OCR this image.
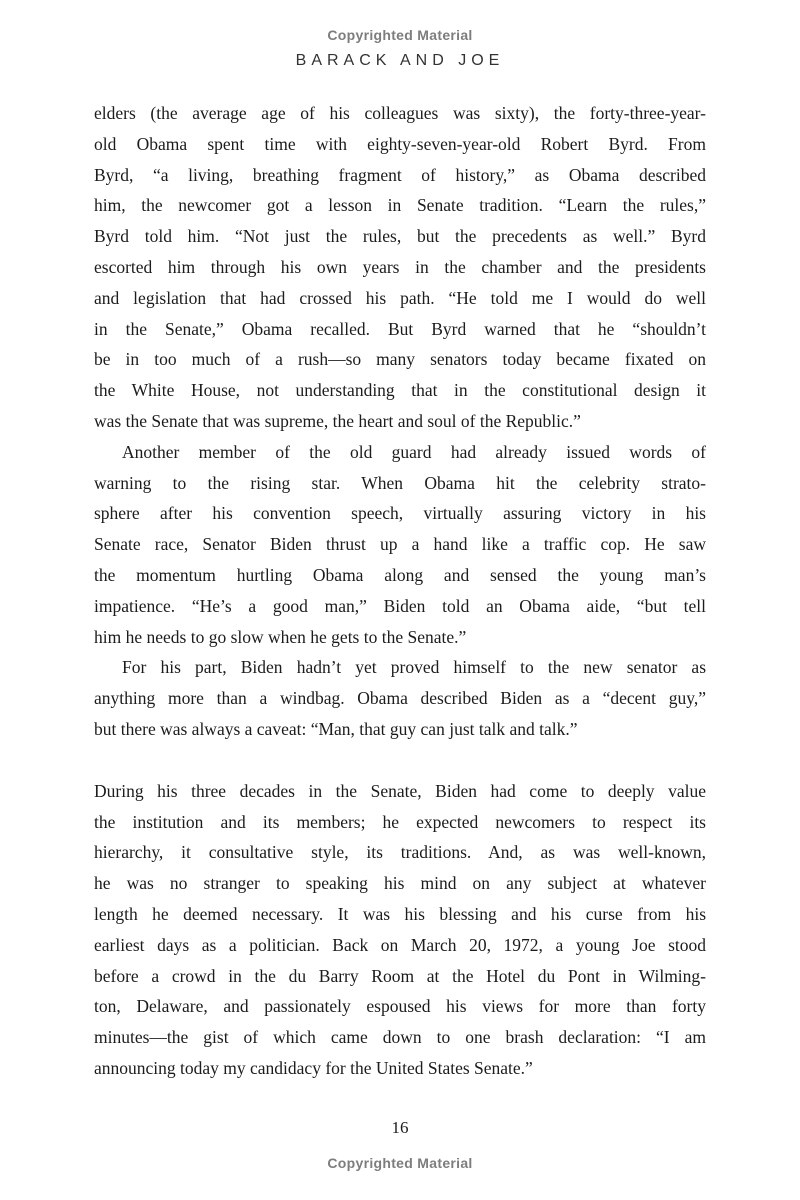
Copyrighted Material
BARACK AND JOE
elders (the average age of his colleagues was sixty), the forty-three-year-
old Obama spent time with eighty-seven-year-old Robert Byrd. From
Byrd, “a living, breathing fragment of history,” as Obama described
him, the newcomer got a lesson in Senate tradition. “Learn the rules,”
Byrd told him. “Not just the rules, but the precedents as well.” Byrd
escorted him through his own years in the chamber and the presidents
and legislation that had crossed his path. “He told me I would do well
in the Senate,” Obama recalled. But Byrd warned that he “shouldn’t
be in too much of a rush—so many senators today became fixated on
the White House, not understanding that in the constitutional design it
was the Senate that was supreme, the heart and soul of the Republic.”
Another member of the old guard had already issued words of
warning to the rising star. When Obama hit the celebrity strato-
sphere after his convention speech, virtually assuring victory in his
Senate race, Senator Biden thrust up a hand like a traffic cop. He saw
the momentum hurtling Obama along and sensed the young man’s
impatience. “He’s a good man,” Biden told an Obama aide, “but tell
him he needs to go slow when he gets to the Senate.”
For his part, Biden hadn’t yet proved himself to the new senator as
anything more than a windbag. Obama described Biden as a “decent guy,”
but there was always a caveat: “Man, that guy can just talk and talk.”
During his three decades in the Senate, Biden had come to deeply value
the institution and its members; he expected newcomers to respect its
hierarchy, it consultative style, its traditions. And, as was well-known,
he was no stranger to speaking his mind on any subject at whatever
length he deemed necessary. It was his blessing and his curse from his
earliest days as a politician. Back on March 20, 1972, a young Joe stood
before a crowd in the du Barry Room at the Hotel du Pont in Wilming-
ton, Delaware, and passionately espoused his views for more than forty
minutes—the gist of which came down to one brash declaration: “I am
announcing today my candidacy for the United States Senate.”
16
Copyrighted Material
